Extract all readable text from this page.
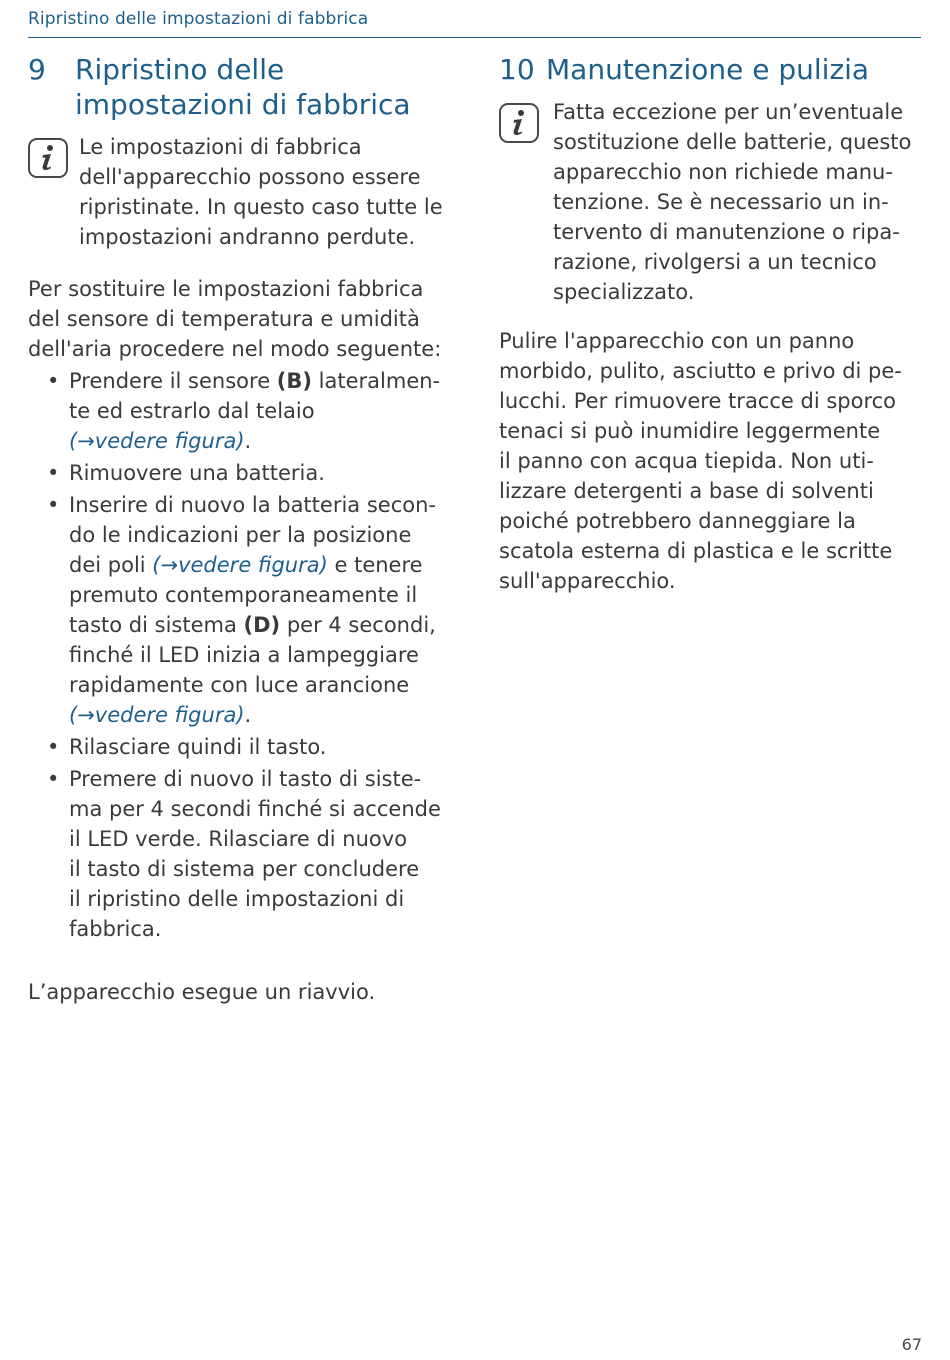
Ripristino delle impostazioni di fabbrica
9	Ripristino delle
impostazioni di fabbrica
Le impostazioni di fabbrica
dell'apparecchio possono essere
ripristinate. In questo caso tutte le
impostazioni andranno perdute.

Per sostituire le impostazioni fabbrica
del sensore di temperatura e umidità
dell'aria procedere nel modo seguente:

• Prendere il sensore (B) lateralmen-
te ed estrarlo dal telaio
(→vedere figura).
• Rimuovere una batteria.
• Inserire di nuovo la batteria secon-
do le indicazioni per la posizione
dei poli (→vedere figura) e tenere
premuto contemporaneamente il
tasto di sistema (D) per 4 secondi,
finché il LED inizia a lampeggiare
rapidamente con luce arancione
(→vedere figura).
• Rilasciare quindi il tasto.
• Premere di nuovo il tasto di siste-
ma per 4 secondi finché si accende
il LED verde. Rilasciare di nuovo
il tasto di sistema per concludere
il ripristino delle impostazioni di
fabbrica.

L’apparecchio esegue un riavvio.

10 Manutenzione e pulizia
Fatta eccezione per un’eventuale
sostituzione delle batterie, questo
apparecchio non richiede manu-
tenzione. Se è necessario un in-
tervento di manutenzione o ripa-
razione, rivolgersi a un tecnico
specializzato.

Pulire l'apparecchio con un panno
morbido, pulito, asciutto e privo di pe-
lucchi. Per rimuovere tracce di sporco
tenaci si può inumidire leggermente
il panno con acqua tiepida. Non uti-
lizzare detergenti a base di solventi
poiché potrebbero danneggiare la
scatola esterna di plastica e le scritte
sull'apparecchio.

67
